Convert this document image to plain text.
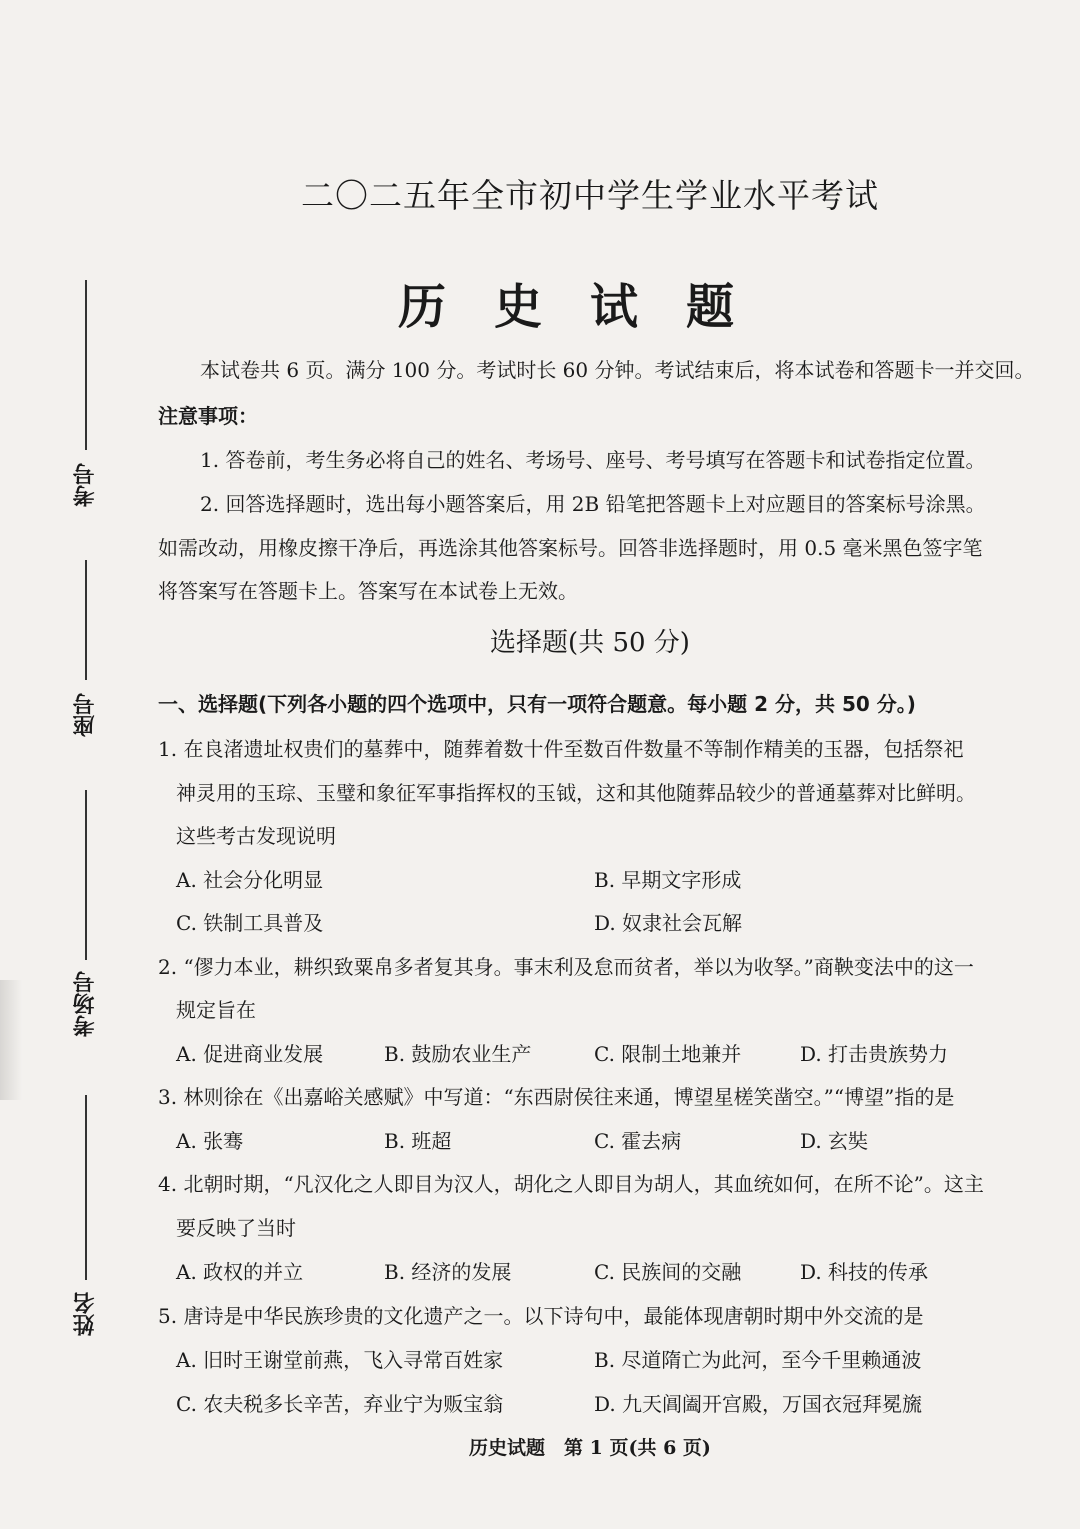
考号
座号
考场号
姓名
二〇二五年全市初中学生学业水平考试
历史试题
本试卷共 6 页。满分 100 分。考试时长 60 分钟。考试结束后，将本试卷和答题卡一并交回。
注意事项：
1. 答卷前，考生务必将自己的姓名、考场号、座号、考号填写在答题卡和试卷指定位置。
2. 回答选择题时，选出每小题答案后，用 2B 铅笔把答题卡上对应题目的答案标号涂黑。
如需改动，用橡皮擦干净后，再选涂其他答案标号。回答非选择题时，用 0.5 毫米黑色签字笔
将答案写在答题卡上。答案写在本试卷上无效。
选择题(共 50 分)
一、选择题(下列各小题的四个选项中，只有一项符合题意。每小题 2 分，共 50 分。)
1. 在良渚遗址权贵们的墓葬中，随葬着数十件至数百件数量不等制作精美的玉器，包括祭祀
神灵用的玉琮、玉璧和象征军事指挥权的玉钺，这和其他随葬品较少的普通墓葬对比鲜明。
这些考古发现说明
A. 社会分化明显	B. 早期文字形成
C. 铁制工具普及	D. 奴隶社会瓦解
2. “僇力本业，耕织致粟帛多者复其身。事末利及怠而贫者，举以为收孥。”商鞅变法中的这一
规定旨在
A. 促进商业发展	B. 鼓励农业生产	C. 限制土地兼并	D. 打击贵族势力
3. 林则徐在《出嘉峪关感赋》中写道：“东西尉侯往来通，博望星槎笑凿空。”“博望”指的是
A. 张骞	B. 班超	C. 霍去病	D. 玄奘
4. 北朝时期，“凡汉化之人即目为汉人，胡化之人即目为胡人，其血统如何，在所不论”。这主
要反映了当时
A. 政权的并立	B. 经济的发展	C. 民族间的交融	D. 科技的传承
5. 唐诗是中华民族珍贵的文化遗产之一。以下诗句中，最能体现唐朝时期中外交流的是
A. 旧时王谢堂前燕，飞入寻常百姓家	B. 尽道隋亡为此河，至今千里赖通波
C. 农夫税多长辛苦，弃业宁为贩宝翁	D. 九天阊阖开宫殿，万国衣冠拜冕旒
历史试题　第 1 页(共 6 页)
